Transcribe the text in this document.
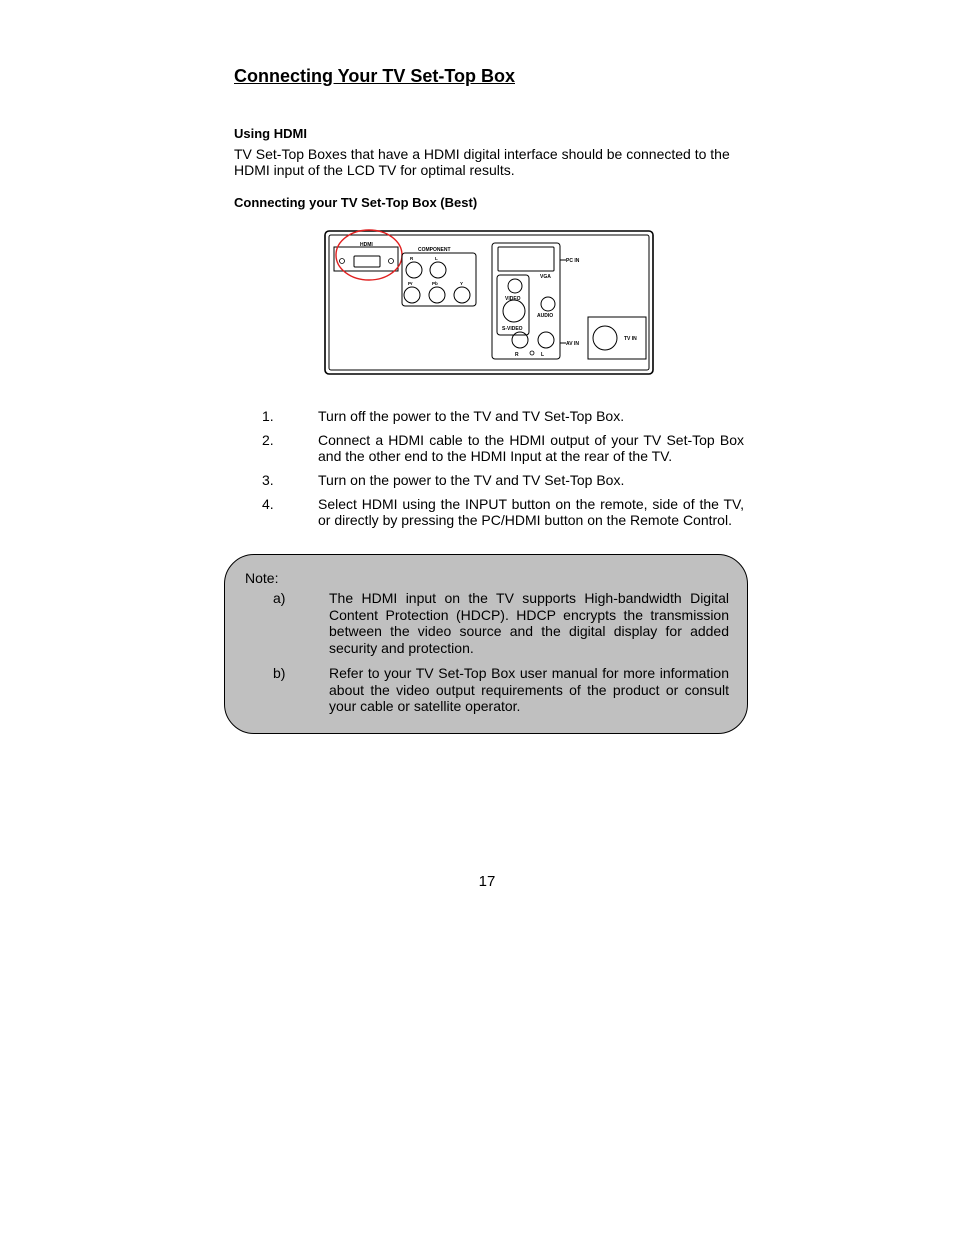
Connecting Your TV Set-Top Box
Using HDMI
TV Set-Top Boxes that have a HDMI digital interface should be connected to the HDMI input of the LCD TV for optimal results.
Connecting your TV Set-Top Box (Best)
HDMI
COMPONENT
R	L
Pr	Pb	Y
VGA
PC IN
VIDEO
S-VIDEO
AUDIO
R	L
AV IN
TV IN
1.	Turn off the power to the TV and TV Set-Top Box.
2.	Connect a HDMI cable to the HDMI output of your TV Set-Top Box and the other end to the HDMI Input at the rear of the TV.
3.	Turn on the power to the TV and TV Set-Top Box.
4.	Select HDMI using the INPUT button on the remote, side of the TV, or directly by pressing the PC/HDMI button on the Remote Control.
Note:
a)	The HDMI input on the TV supports High-bandwidth Digital Content Protection (HDCP). HDCP encrypts the transmission between the video source and the digital display for added security and protection.
b)	Refer to your TV Set-Top Box user manual for more information about the video output requirements of the product or consult your cable or satellite operator.
17
